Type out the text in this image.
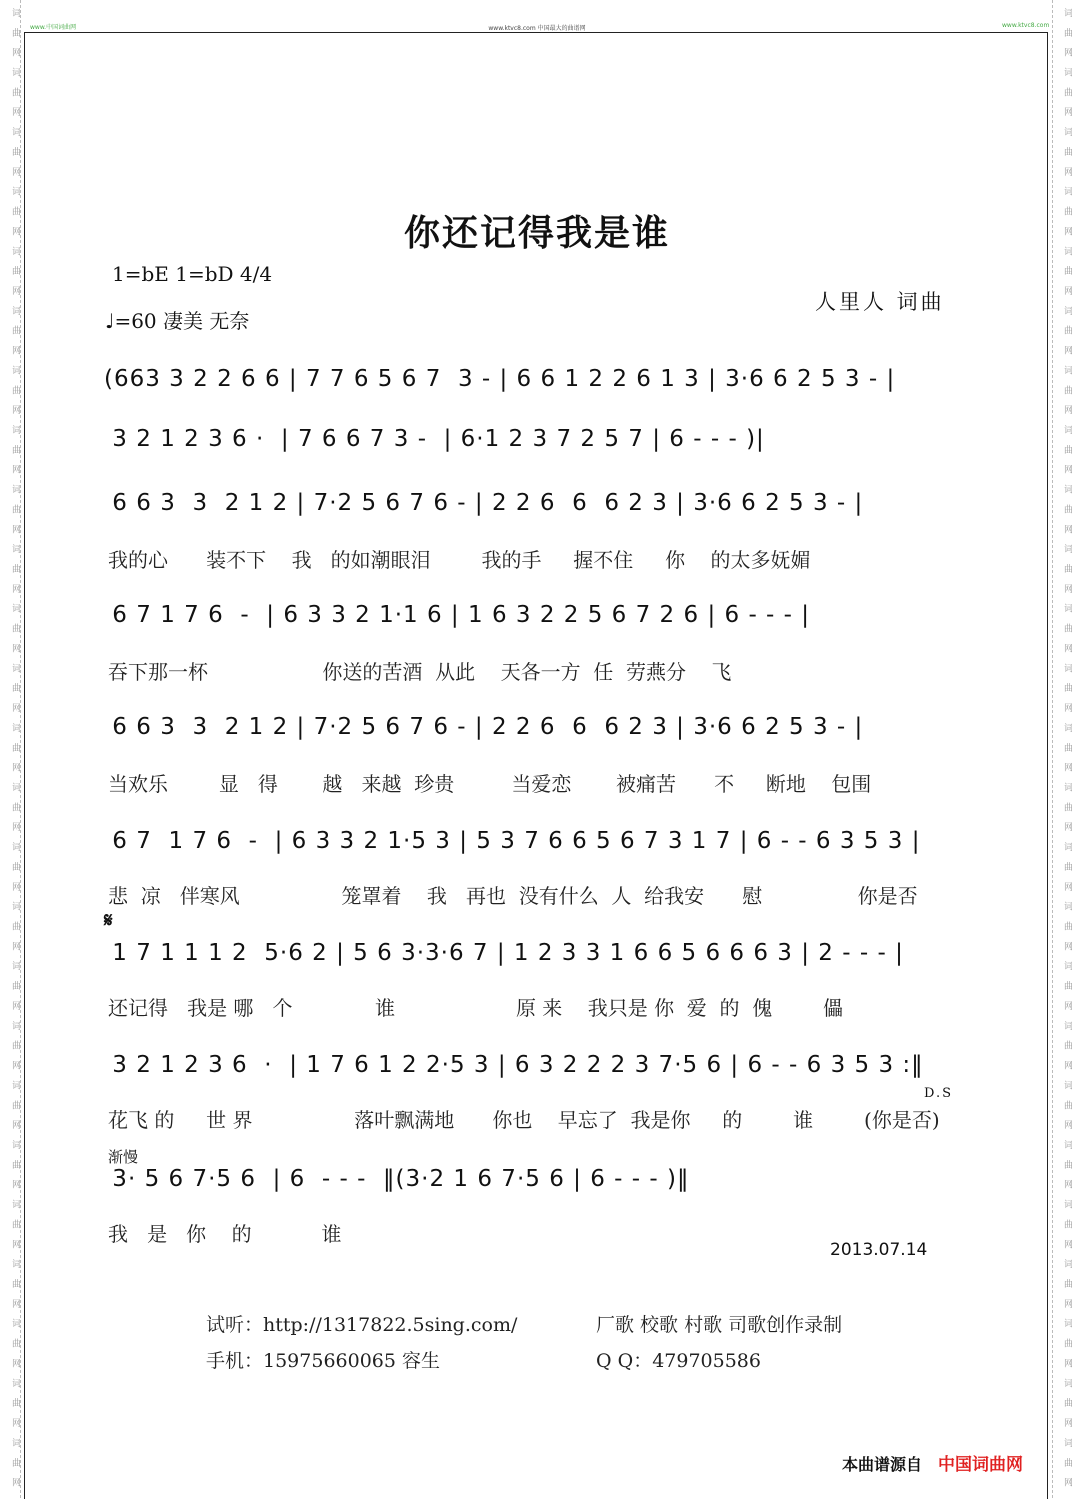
词 曲 网 词 曲 网 词 曲 网 词 曲 网 词 曲 网 词 曲 网 词 曲 网 词 曲 网 词 曲 网 词 曲 网 词 曲 网 词 曲 网 词 曲 网 词 曲 网 词 曲 网 词 曲 网 词 曲 网 词 曲 网 词 曲 网 词 曲 网 词 曲 网 词 曲 网 词 曲 网 词 曲 网 词 曲 网	词 曲 网 词 曲 网 词 曲 网 词 曲 网 词 曲 网 词 曲 网 词 曲 网 词 曲 网 词 曲 网 词 曲 网 词 曲 网 词 曲 网 词 曲 网 词 曲 网 词 曲 网 词 曲 网 词 曲 网 词 曲 网 词 曲 网 词 曲 网 词 曲 网 词 曲 网 词 曲 网 词 曲 网 词 曲 网
www.中国词曲网	www.ktvc8.com 中国最大的曲谱网	www.ktvc8.com
你还记得我是谁
1=bE 1=bD 4/4
♩=60 凄美 无奈
人里人 词曲
(663 3 2 2 6 6 | 7 7 6 5 6 7  3 - | 6 6 1 2 2 6 1 3 | 3·6 6 2 5 3 - |
3 2 1 2 3 6 ·  | 7 6 6 7 3 -  | 6·1 2 3 7 2 5 7 | 6 - - - )|
6 6 3  3  2 1 2 | 7·2 5 6 7 6 - | 2 2 6  6  6 2 3 | 3·6 6 2 5 3 - |
我的心      装不下    我   的如潮眼泪        我的手     握不住     你    的太多妩媚
6 7 1 7 6  -  | 6 3 3 2 1·1 6 | 1 6 3 2 2 5 6 7 2 6 | 6 - - - |
吞下那一杯                  你送的苦酒  从此    天各一方  任  劳燕分    飞
6 6 3  3  2 1 2 | 7·2 5 6 7 6 - | 2 2 6  6  6 2 3 | 3·6 6 2 5 3 - |
当欢乐        显   得       越   来越  珍贵         当爱恋       被痛苦      不     断地    包围
6 7  1 7 6  -  | 6 3 3 2 1·5 3 | 5 3 7 6 6 5 6 7 3 1 7 | 6 - - 6 3 5 3 |
悲  凉   伴寒风                笼罩着    我   再也  没有什么  人  给我安      慰               你是否
𝄋
1 7 1 1 1 2  5·6 2 | 5 6 3·3·6 7 | 1 2 3 3 1 6 6 5 6 6 6 3 | 2 - - - |
还记得   我是 哪   个             谁                   原 来    我只是 你  爱  的  傀        儡
3 2 1 2 3 6  ·  | 1 7 6 1 2 2·5 3 | 6 3 2 2 2 3 7·5 6 | 6 - - 6 3 5 3 :‖
D.S
花飞 的     世 界                落叶飘满地      你也    早忘了  我是你     的        谁        (你是否)
渐慢
3· 5 6 7·5 6  | 6  - - -  ‖(3·2 1 6 7·5 6 | 6 - - - )‖
我   是   你    的           谁
2013.07.14
试听：http://1317822.5sing.com/	厂歌 校歌 村歌 司歌创作录制
手机：15975660065 容生	Q Q：479705586
本曲谱源自 中国词曲网
